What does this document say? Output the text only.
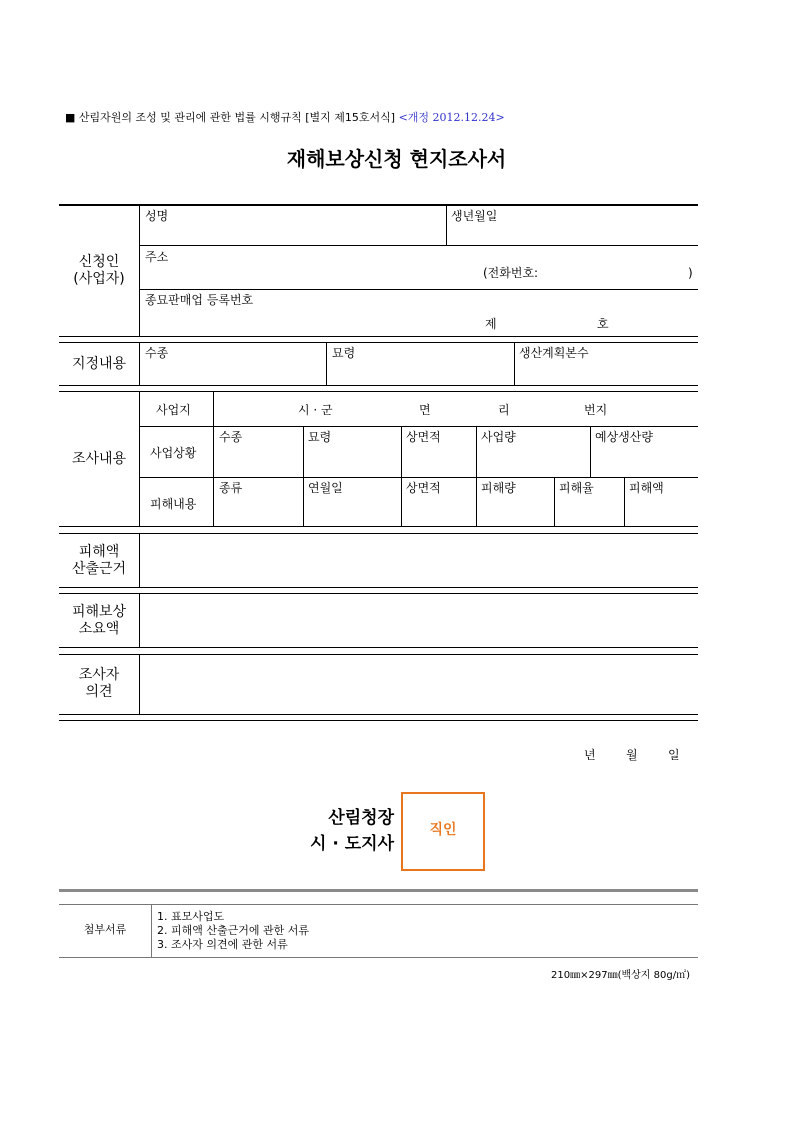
■ 산림자원의 조성 및 관리에 관한 법률 시행규칙 [별지 제15호서식] <개정 2012.12.24>
재해보상신청 현지조사서
신청인
(사업자)
성명	생년월일
주소
(전화번호:	)
종묘판매업 등록번호
제	호
지정내용
수종	묘령	생산계획본수
조사내용
사업지	시 · 군	면	리	번지
사업상황
수종	묘령	상면적	사업량	예상생산량
피해내용
종류	연월일	상면적	피해량	피해율	피해액
피해액
산출근거
피해보상
소요액
조사자
의견
년	월	일
산림청장
시 · 도지사
직인
첨부서류
1. 표모사업도
2. 피해액 산출근거에 관한 서류
3. 조사자 의견에 관한 서류
210㎜×297㎜(백상지 80g/㎡)
